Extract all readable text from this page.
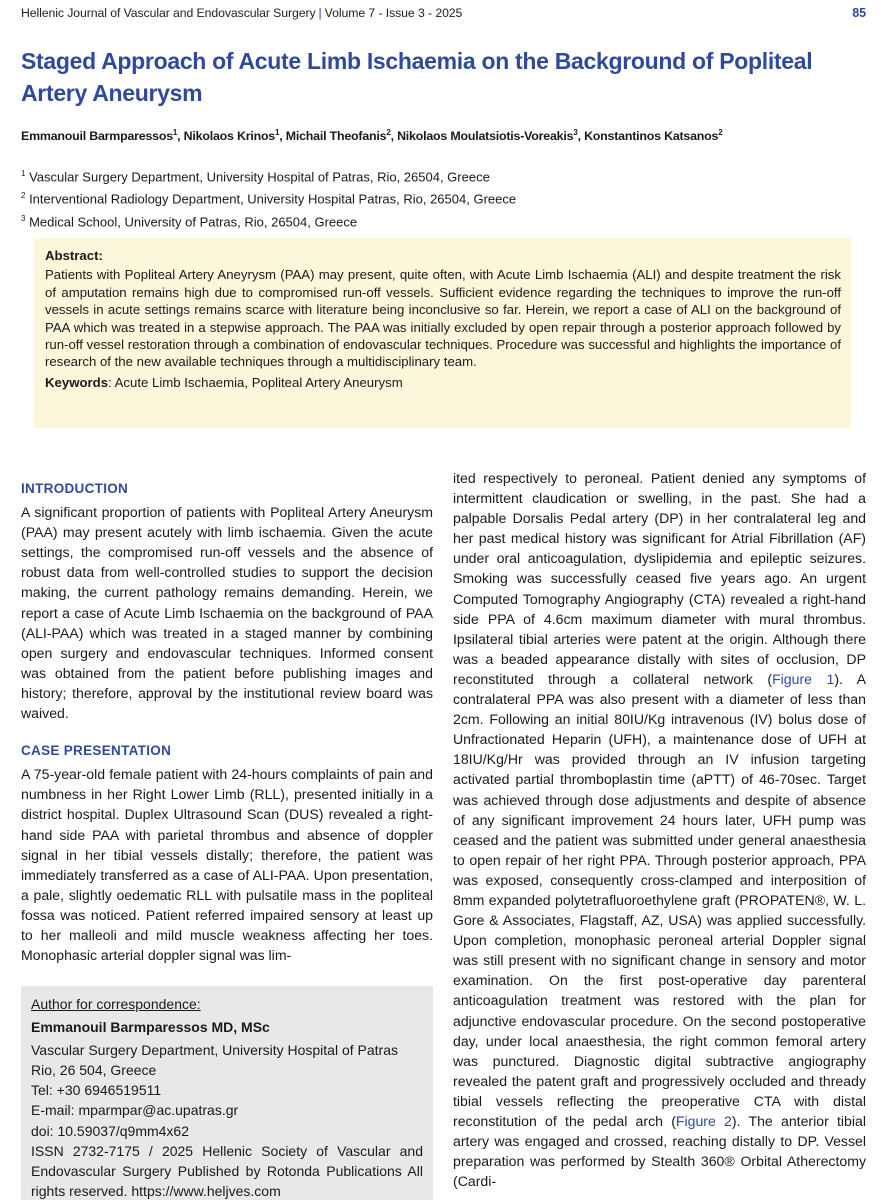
Hellenic Journal of Vascular and Endovascular Surgery | Volume 7 - Issue 3 - 2025	85
Staged Approach of Acute Limb Ischaemia on the Background of Popliteal Artery Aneurysm
Emmanouil Barmparessos$^1$, Nikolaos Krinos$^1$, Michail Theofanis$^2$, Nikolaos Moulatsiotis-Voreakis$^3$, Konstantinos Katsanos$^2$
$^1$ Vascular Surgery Department, University Hospital of Patras, Rio, 26504, Greece
$^2$ Interventional Radiology Department, University Hospital Patras, Rio, 26504, Greece
$^3$ Medical School, University of Patras, Rio, 26504, Greece
Abstract:
Patients with Popliteal Artery Aneyrysm (PAA) may present, quite often, with Acute Limb Ischaemia (ALI) and despite treatment the risk of amputation remains high due to compromised run-off vessels. Sufficient evidence regarding the techniques to improve the run-off vessels in acute settings remains scarce with literature being inconclusive so far. Herein, we report a case of ALI on the background of PAA which was treated in a stepwise approach. The PAA was initially excluded by open repair through a posterior approach followed by run-off vessel restoration through a combination of endovascular techniques. Procedure was successful and highlights the importance of research of the new available techniques through a multidisciplinary team.
Keywords: Acute Limb Ischaemia, Popliteal Artery Aneurysm
INTRODUCTION

A significant proportion of patients with Popliteal Artery Aneurysm (PAA) may present acutely with limb ischaemia. Given the acute settings, the compromised run-off vessels and the absence of robust data from well-controlled studies to support the decision making, the current pathology remains demanding. Herein, we report a case of Acute Limb Ischaemia on the background of PAA (ALI-PAA) which was treated in a staged manner by combining open surgery and endovascular techniques. Informed consent was obtained from the patient before publishing images and history; therefore, approval by the institutional review board was waived.

CASE PRESENTATION

A 75-year-old female patient with 24-hours complaints of pain and numbness in her Right Lower Limb (RLL), presented initially in a district hospital. Duplex Ultrasound Scan (DUS) revealed a right-hand side PAA with parietal thrombus and absence of doppler signal in her tibial vessels distally; therefore, the patient was immediately transferred as a case of ALI-PAA. Upon presentation, a pale, slightly oedematic RLL with pulsatile mass in the popliteal fossa was noticed. Patient referred impaired sensory at least up to her malleoli and mild muscle weakness affecting her toes. Monophasic arterial doppler signal was lim-

Author for correspondence:
Emmanouil Barmparessos MD, MSc
Vascular Surgery Department, University Hospital of Patras
Rio, 26 504, Greece
Tel: +30 6946519511
E-mail: mparmpar@ac.upatras.gr
doi: 10.59037/q9mm4x62
ISSN 2732-7175 / 2025 Hellenic Society of Vascular and Endovascular Surgery Published by Rotonda Publications All rights reserved. https://www.heljves.com

ited respectively to peroneal. Patient denied any symptoms of intermittent claudication or swelling, in the past. She had a palpable Dorsalis Pedal artery (DP) in her contralateral leg and her past medical history was significant for Atrial Fibrillation (AF) under oral anticoagulation, dyslipidemia and epileptic seizures. Smoking was successfully ceased five years ago. An urgent Computed Tomography Angiography (CTA) revealed a right-hand side PPA of 4.6cm maximum diameter with mural thrombus. Ipsilateral tibial arteries were patent at the origin. Although there was a beaded appearance distally with sites of occlusion, DP reconstituted through a collateral network (Figure 1). A contralateral PPA was also present with a diameter of less than 2cm. Following an initial 80IU/Kg intravenous (IV) bolus dose of Unfractionated Heparin (UFH), a maintenance dose of UFH at 18IU/Kg/Hr was provided through an IV infusion targeting activated partial thromboplastin time (aPTT) of 46-70sec. Target was achieved through dose adjustments and despite of absence of any significant improvement 24 hours later, UFH pump was ceased and the patient was submitted under general anaesthesia to open repair of her right PPA. Through posterior approach, PPA was exposed, consequently cross-clamped and interposition of 8mm expanded polytetrafluoroethylene graft (PROPATEN®, W. L. Gore & Associates, Flagstaff, AZ, USA) was applied successfully. Upon completion, monophasic peroneal arterial Doppler signal was still present with no significant change in sensory and motor examination. On the first post-operative day parenteral anticoagulation treatment was restored with the plan for adjunctive endovascular procedure. On the second postoperative day, under local anaesthesia, the right common femoral artery was punctured. Diagnostic digital subtractive angiography revealed the patent graft and progressively occluded and thready tibial vessels reflecting the preoperative CTA with distal reconstitution of the pedal arch (Figure 2). The anterior tibial artery was engaged and crossed, reaching distally to DP. Vessel preparation was performed by Stealth 360® Orbital Atherectomy (Cardi-
